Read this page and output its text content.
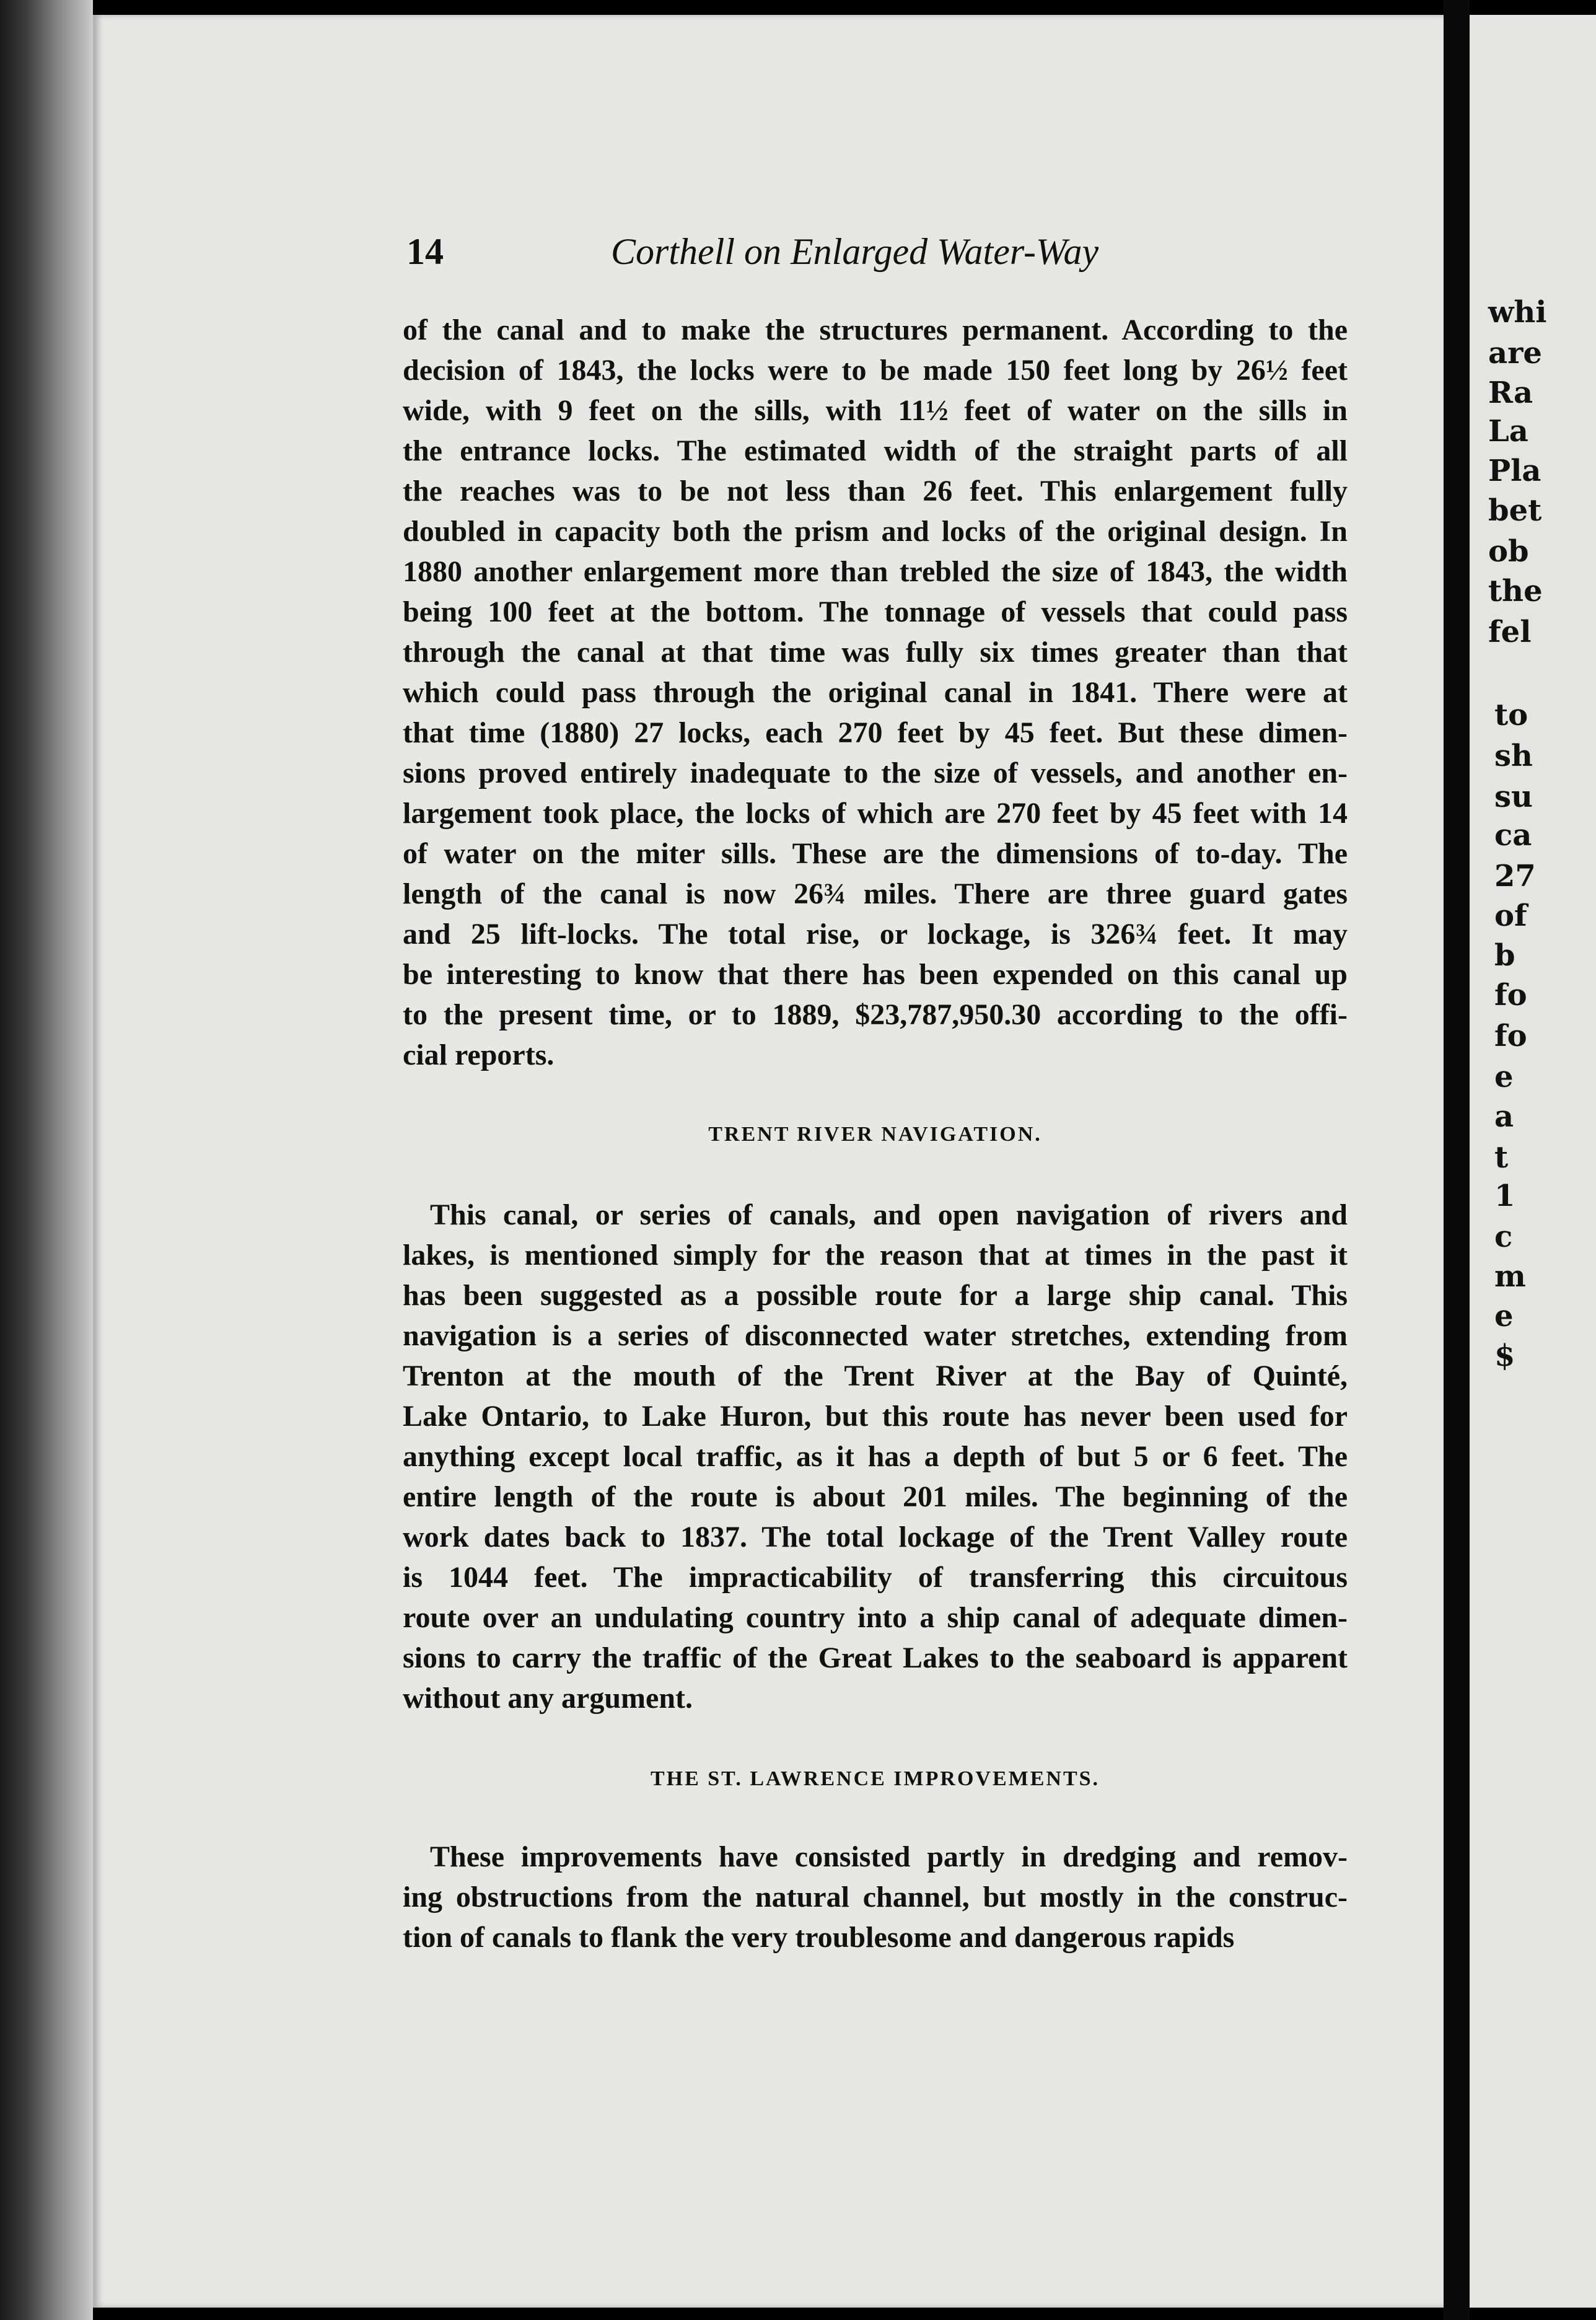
whi
are
Ra
La
Pla
bet
ob
the
fel
to
sh
su
ca
27
of
b
fo
fo
e
a
t
1
c
m
e
$
14	Corthell on Enlarged Water-Way
of the canal and to make the structures permanent. According to the
decision of 1843, the locks were to be made 150 feet long by 26½ feet
wide, with 9 feet on the sills, with 11½ feet of water on the sills in
the entrance locks. The estimated width of the straight parts of all
the reaches was to be not less than 26 feet. This enlargement fully
doubled in capacity both the prism and locks of the original design. In
1880 another enlargement more than trebled the size of 1843, the width
being 100 feet at the bottom. The tonnage of vessels that could pass
through the canal at that time was fully six times greater than that
which could pass through the original canal in 1841. There were at
that time (1880) 27 locks, each 270 feet by 45 feet. But these dimen-
sions proved entirely inadequate to the size of vessels, and another en-
largement took place, the locks of which are 270 feet by 45 feet with 14
of water on the miter sills. These are the dimensions of to-day. The
length of the canal is now 26¾ miles. There are three guard gates
and 25 lift-locks. The total rise, or lockage, is 326¾ feet. It may
be interesting to know that there has been expended on this canal up
to the present time, or to 1889, $23,787,950.30 according to the offi-
cial reports.
TRENT RIVER NAVIGATION.
This canal, or series of canals, and open navigation of rivers and
lakes, is mentioned simply for the reason that at times in the past it
has been suggested as a possible route for a large ship canal. This
navigation is a series of disconnected water stretches, extending from
Trenton at the mouth of the Trent River at the Bay of Quinté,
Lake Ontario, to Lake Huron, but this route has never been used for
anything except local traffic, as it has a depth of but 5 or 6 feet. The
entire length of the route is about 201 miles. The beginning of the
work dates back to 1837. The total lockage of the Trent Valley route
is 1044 feet. The impracticability of transferring this circuitous
route over an undulating country into a ship canal of adequate dimen-
sions to carry the traffic of the Great Lakes to the seaboard is apparent
without any argument.
THE ST. LAWRENCE IMPROVEMENTS.
These improvements have consisted partly in dredging and remov-
ing obstructions from the natural channel, but mostly in the construc-
tion of canals to flank the very troublesome and dangerous rapids
